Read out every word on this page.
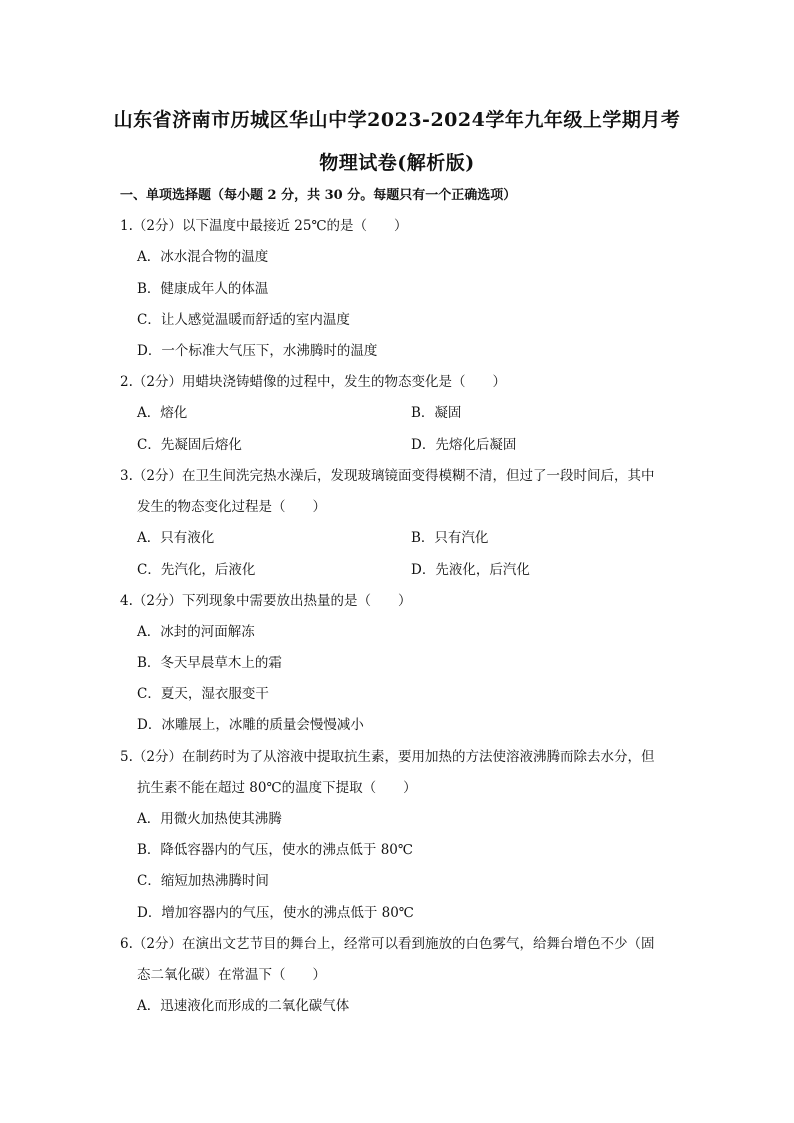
山东省济南市历城区华山中学2023-2024学年九年级上学期月考
物理试卷(解析版)
一、单项选择题（每小题 2 分，共 30 分。每题只有一个正确选项）
1.（2分）以下温度中最接近 25℃的是（　　）
A．冰水混合物的温度
B．健康成年人的体温
C．让人感觉温暖而舒适的室内温度
D．一个标准大气压下，水沸腾时的温度
2.（2分）用蜡块浇铸蜡像的过程中，发生的物态变化是（　　）
A．熔化	B．凝固
C．先凝固后熔化	D．先熔化后凝固
3.（2分）在卫生间洗完热水澡后，发现玻璃镜面变得模糊不清，但过了一段时间后，其中
发生的物态变化过程是（　　）
A．只有液化	B．只有汽化
C．先汽化，后液化	D．先液化，后汽化
4.（2分）下列现象中需要放出热量的是（　　）
A．冰封的河面解冻
B．冬天早晨草木上的霜
C．夏天，湿衣服变干
D．冰雕展上，冰雕的质量会慢慢减小
5.（2分）在制药时为了从溶液中提取抗生素，要用加热的方法使溶液沸腾而除去水分，但
抗生素不能在超过 80℃的温度下提取（　　）
A．用微火加热使其沸腾
B．降低容器内的气压，使水的沸点低于 80℃
C．缩短加热沸腾时间
D．增加容器内的气压，使水的沸点低于 80℃
6.（2分）在演出文艺节目的舞台上，经常可以看到施放的白色雾气，给舞台增色不少（固
态二氧化碳）在常温下（　　）
A．迅速液化而形成的二氧化碳气体
